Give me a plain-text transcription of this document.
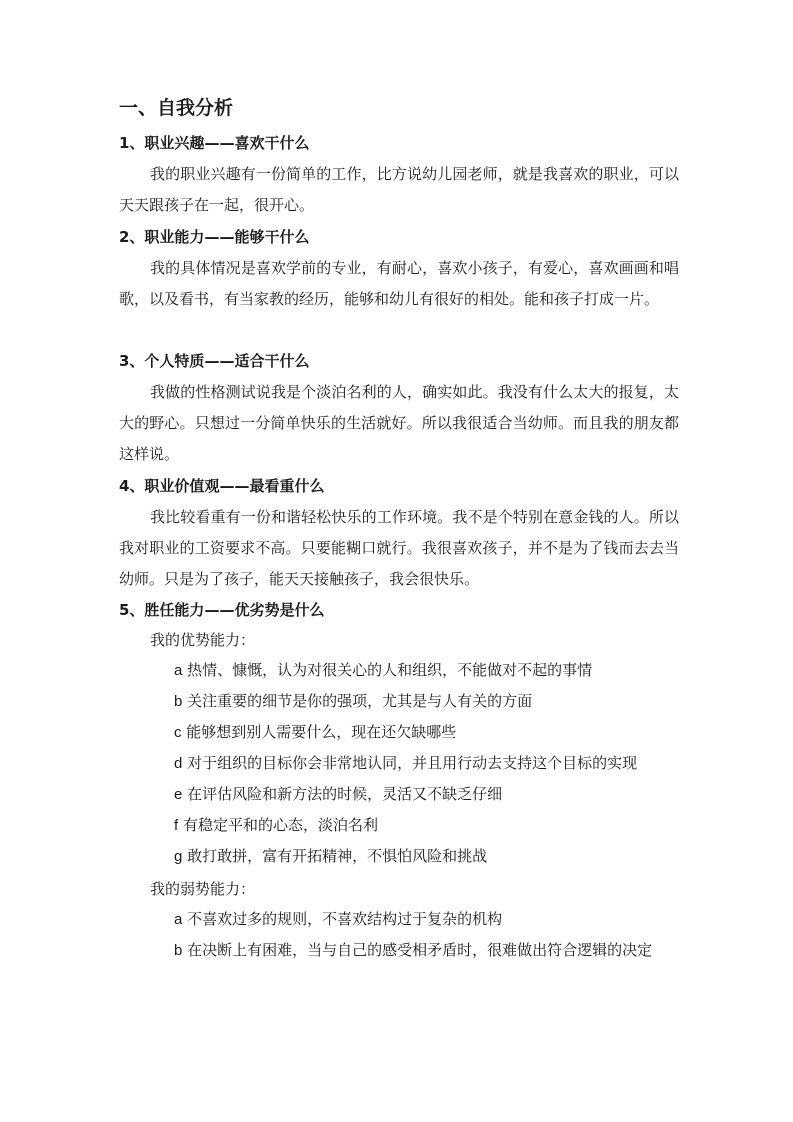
一、自我分析
1、职业兴趣——喜欢干什么

我的职业兴趣有一份简单的工作，比方说幼儿园老师，就是我喜欢的职业，可以天天跟孩子在一起，很开心。

2、职业能力——能够干什么

我的具体情况是喜欢学前的专业，有耐心，喜欢小孩子，有爱心，喜欢画画和唱歌，以及看书，有当家教的经历，能够和幼儿有很好的相处。能和孩子打成一片。

3、个人特质——适合干什么

我做的性格测试说我是个淡泊名利的人，确实如此。我没有什么太大的报复，太大的野心。只想过一分简单快乐的生活就好。所以我很适合当幼师。而且我的朋友都这样说。

4、职业价值观——最看重什么

我比较看重有一份和谐轻松快乐的工作环境。我不是个特别在意金钱的人。所以我对职业的工资要求不高。只要能糊口就行。我很喜欢孩子，并不是为了钱而去去当幼师。只是为了孩子，能天天接触孩子，我会很快乐。

5、胜任能力——优劣势是什么
我的优势能力：
a 热情、慷慨，认为对很关心的人和组织，不能做对不起的事情
b 关注重要的细节是你的强项，尤其是与人有关的方面
c 能够想到别人需要什么，现在还欠缺哪些
d 对于组织的目标你会非常地认同，并且用行动去支持这个目标的实现
e 在评估风险和新方法的时候，灵活又不缺乏仔细
f 有稳定平和的心态，淡泊名利
g 敢打敢拼，富有开拓精神，不惧怕风险和挑战
我的弱势能力：
a 不喜欢过多的规则，不喜欢结构过于复杂的机构
b 在决断上有困难，当与自己的感受相矛盾时，很难做出符合逻辑的决定
